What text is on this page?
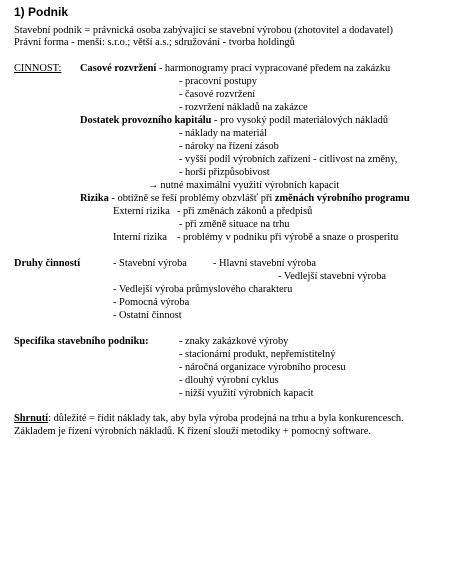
1) Podnik
Stavební podnik = právnická osoba zabývající se stavební výrobou (zhotovitel a dodavatel)
Právní forma - menší: s.r.o.; větší a.s.; sdružování - tvorba holdingů
CINNOST: Casové rozvržení - harmonogramy prací vypracované předem na zakázku
- pracovní postupy
- časové rozvržení
- rozvržení nákladů na zakázce
Dostatek provozního kapitálu - pro vysoký podíl materiálových nákladů
- náklady na materiál
- nároky na řízení zásob
- vyšší podíl výrobních zařízení - citlivost na změny,
- horší přizpůsobivost
→ nutné maximální využití výrobních kapacit
Rizika - obtížně se řeší problémy obzvlášť při změnách výrobního programu
Externí rizika - při změnách zákonů a předpisů
- při změně situace na trhu
Interní rizika - problémy v podniku při výrobě a snaze o prosperitu
Druhy činností	- Stavební výroba	- Hlavní stavební výroba
- Vedlejší stavební výroba
- Vedlejší výroba průmyslového charakteru
- Pomocná výroba
- Ostatní činnost
Specifika stavebního podniku:	- znaky zakázkové výroby
- stacionární produkt, nepřemístitelný
- náročná organizace výrobního procesu
- dlouhý výrobní cyklus
- nižší využití výrobních kapacit
Shrnutí: důležité = řídit náklady tak, aby byla výroba prodejná na trhu a byla konkurencesch.
Základem je řízení výrobních nákladů. K řízení slouží metodiky + pomocný software.
